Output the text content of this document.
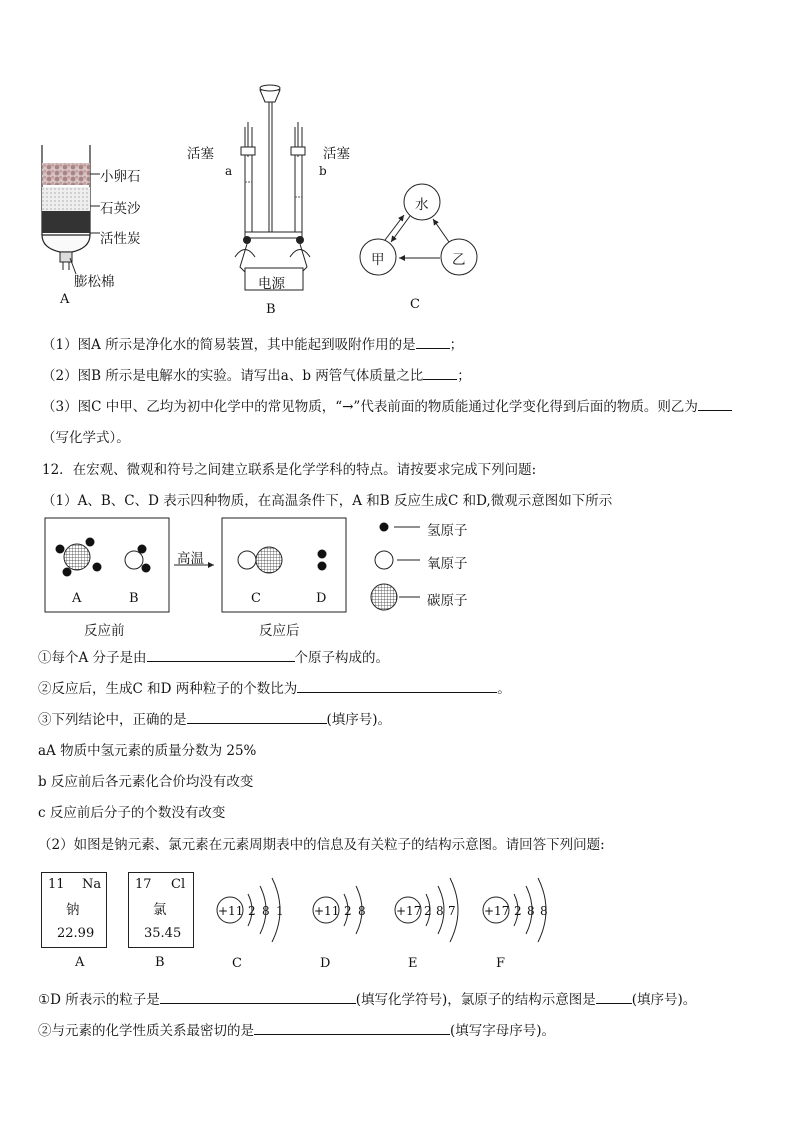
小卵石
石英沙
活性炭
膨松棉
A
活塞	活塞
a	b
电源
B
水
甲	乙
C
（1）图A 所示是净化水的简易装置，其中能起到吸附作用的是	；
（2）图B 所示是电解水的实验。请写出a、b 两管气体质量之比	；
（3）图C 中甲、乙均为初中化学中的常见物质，“→”代表前面的物质能通过化学变化得到后面的物质。则乙为
（写化学式）。
12．在宏观、微观和符号之间建立联系是化学学科的特点。请按要求完成下列问题:
（1）A、B、C、D 表示四种物质，在高温条件下，A 和B 反应生成C 和D,微观示意图如下所示
高温
A	B	C	D
反应前	反应后
氢原子
氧原子
碳原子
①每个A 分子是由	个原子构成的。
②反应后，生成C 和D 两种粒子的个数比为	。
③下列结论中，正确的是	(填序号)。
aA 物质中氢元素的质量分数为 25%
b 反应前后各元素化合价均没有改变
c 反应前后分子的个数没有改变
（2）如图是钠元素、氯元素在元素周期表中的信息及有关粒子的结构示意图。请回答下列问题:
11 Na
钠
22.99
A
17 Cl
氯
35.45
B
+11 2 8 1
C
+11 2 8
D
+17 2 8 7
E
+17 2 8 8
F
①D 所表示的粒子是	(填写化学符号)，氯原子的结构示意图是	(填序号)。
②与元素的化学性质关系最密切的是	(填写字母序号)。
